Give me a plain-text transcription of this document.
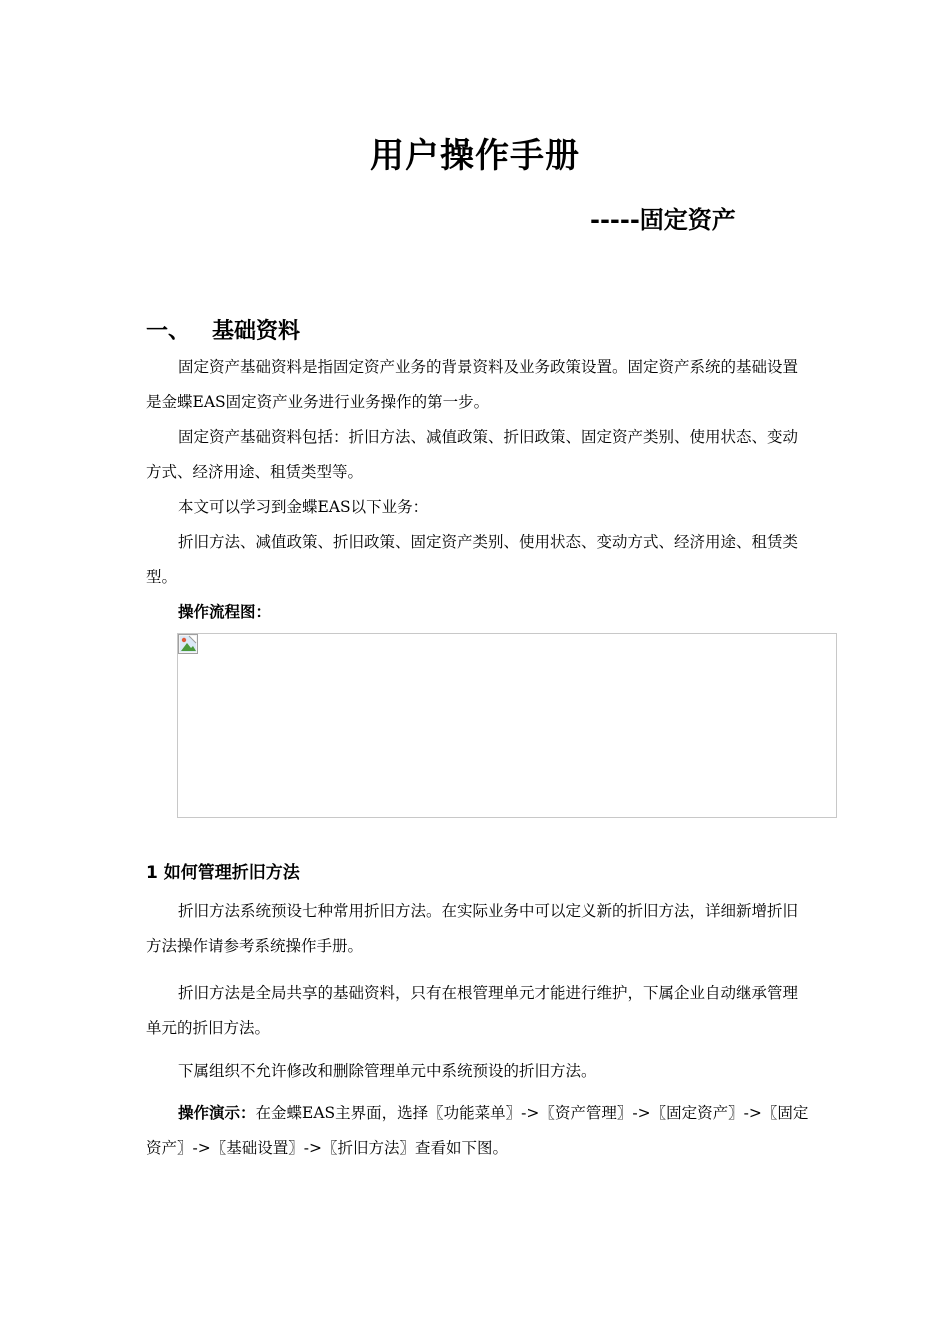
用户操作手册
-----固定资产
一、 基础资料

固定资产基础资料是指固定资产业务的背景资料及业务政策设置。固定资产系统的基础设置是金蝶EAS固定资产业务进行业务操作的第一步。

固定资产基础资料包括：折旧方法、减值政策、折旧政策、固定资产类别、使用状态、变动方式、经济用途、租赁类型等。

本文可以学习到金蝶EAS以下业务：

折旧方法、减值政策、折旧政策、固定资产类别、使用状态、变动方式、经济用途、租赁类型。

操作流程图：
1 如何管理折旧方法

折旧方法系统预设七种常用折旧方法。在实际业务中可以定义新的折旧方法，详细新增折旧方法操作请参考系统操作手册。

折旧方法是全局共享的基础资料，只有在根管理单元才能进行维护，下属企业自动继承管理单元的折旧方法。

下属组织不允许修改和删除管理单元中系统预设的折旧方法。

操作演示：在金蝶EAS主界面，选择〖功能菜单〗->〖资产管理〗->〖固定资产〗->〖固定资产〗->〖基础设置〗->〖折旧方法〗查看如下图。
